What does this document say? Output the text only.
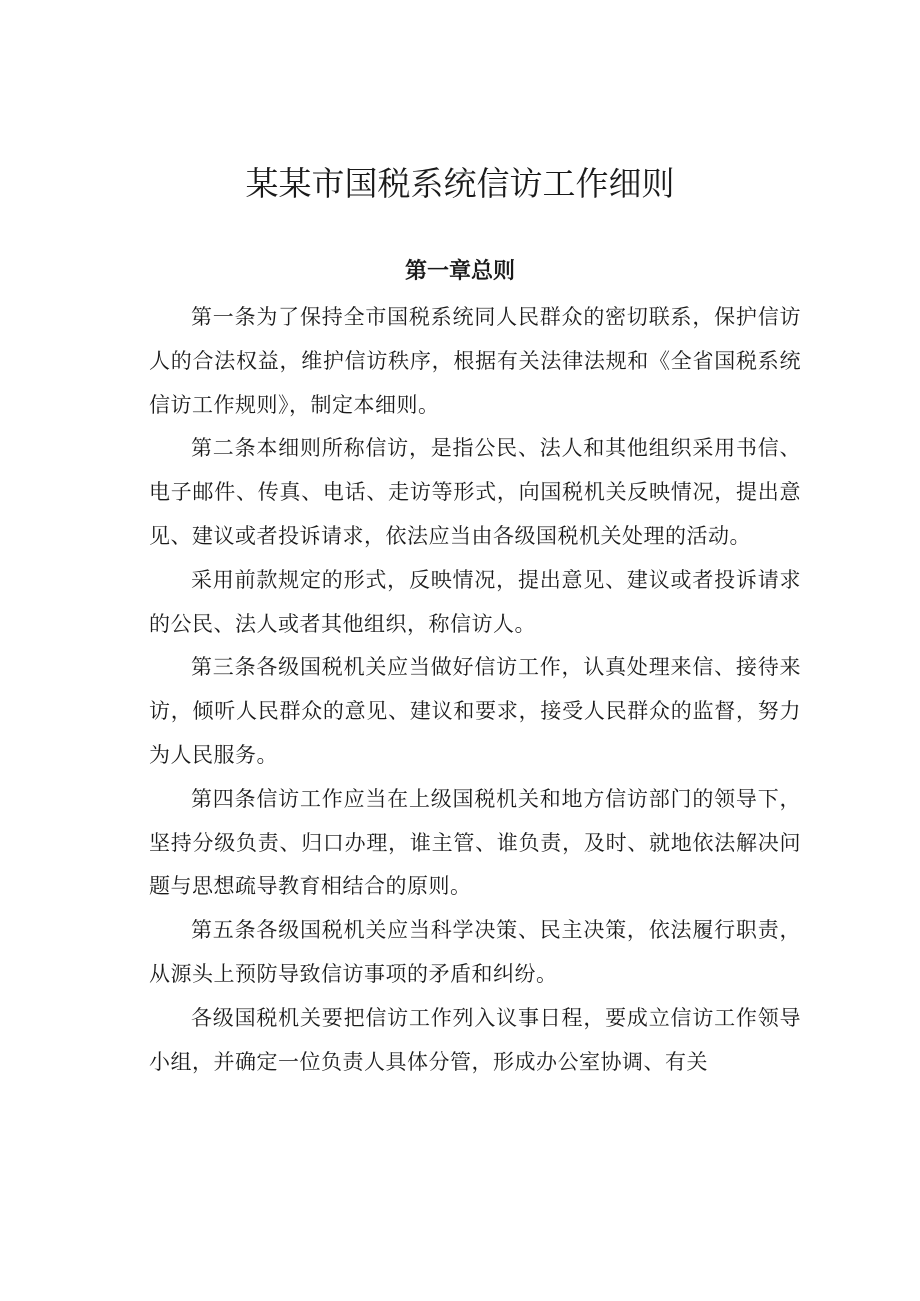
某某市国税系统信访工作细则
第一章总则

第一条为了保持全市国税系统同人民群众的密切联系，保护信访人的合法权益，维护信访秩序，根据有关法律法规和《全省国税系统信访工作规则》，制定本细则。

第二条本细则所称信访，是指公民、法人和其他组织采用书信、电子邮件、传真、电话、走访等形式，向国税机关反映情况，提出意见、建议或者投诉请求，依法应当由各级国税机关处理的活动。

采用前款规定的形式，反映情况，提出意见、建议或者投诉请求的公民、法人或者其他组织，称信访人。

第三条各级国税机关应当做好信访工作，认真处理来信、接待来访，倾听人民群众的意见、建议和要求，接受人民群众的监督，努力为人民服务。

第四条信访工作应当在上级国税机关和地方信访部门的领导下，坚持分级负责、归口办理，谁主管、谁负责，及时、就地依法解决问题与思想疏导教育相结合的原则。

第五条各级国税机关应当科学决策、民主决策，依法履行职责，从源头上预防导致信访事项的矛盾和纠纷。

各级国税机关要把信访工作列入议事日程，要成立信访工作领导小组，并确定一位负责人具体分管，形成办公室协调、有关
